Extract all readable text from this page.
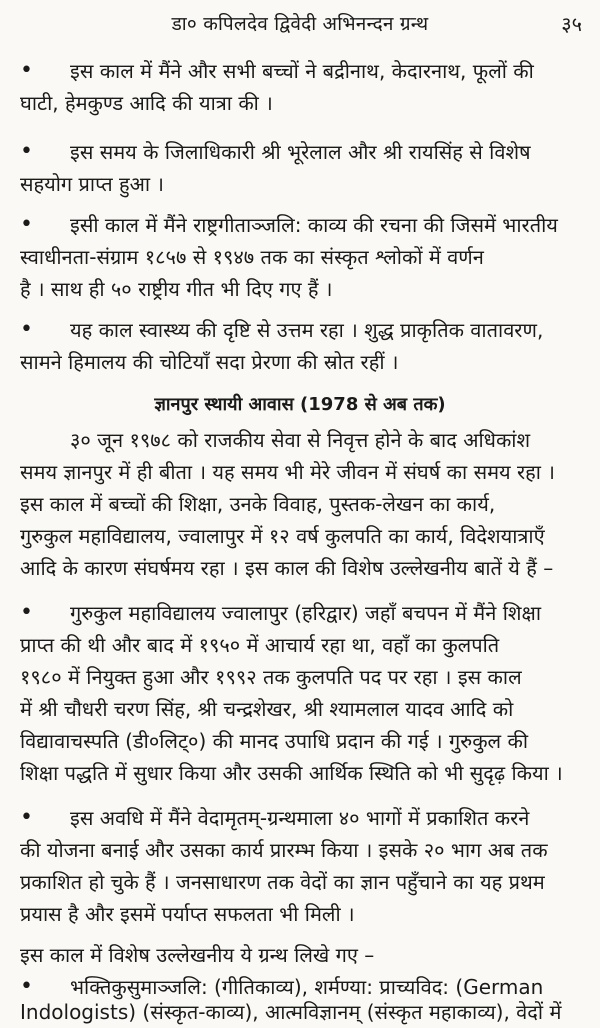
डा० कपिलदेव द्विवेदी अभिनन्दन ग्रन्थ	३५
•	इस काल में मैंने और सभी बच्चों ने बद्रीनाथ, केदारनाथ, फूलों की
घाटी, हेमकुण्ड आदि की यात्रा की ।
•	इस समय के जिलाधिकारी श्री भूरेलाल और श्री रायसिंह से विशेष
सहयोग प्राप्त हुआ ।
•	इसी काल में मैंने राष्ट्रगीताञ्जलि: काव्य की रचना की जिसमें भारतीय
स्वाधीनता-संग्राम १८५७ से १९४७ तक का संस्कृत श्लोकों में वर्णन
है । साथ ही ५० राष्ट्रीय गीत भी दिए गए हैं ।
•	यह काल स्वास्थ्य की दृष्टि से उत्तम रहा । शुद्ध प्राकृतिक वातावरण,
सामने हिमालय की चोटियाँ सदा प्रेरणा की स्रोत रहीं ।
ज्ञानपुर स्थायी आवास (1978 से अब तक)
३० जून १९७८ को राजकीय सेवा से निवृत्त होने के बाद अधिकांश
समय ज्ञानपुर में ही बीता । यह समय भी मेरे जीवन में संघर्ष का समय रहा ।
इस काल में बच्चों की शिक्षा, उनके विवाह, पुस्तक-लेखन का कार्य,
गुरुकुल महाविद्यालय, ज्वालापुर में १२ वर्ष कुलपति का कार्य, विदेशयात्राएँ
आदि के कारण संघर्षमय रहा । इस काल की विशेष उल्लेखनीय बातें ये हैं –
•	गुरुकुल महाविद्यालय ज्वालापुर (हरिद्वार) जहाँ बचपन में मैंने शिक्षा
प्राप्त की थी और बाद में १९५० में आचार्य रहा था, वहाँ का कुलपति
१९८० में नियुक्त हुआ और १९९२ तक कुलपति पद पर रहा । इस काल
में श्री चौधरी चरण सिंह, श्री चन्द्रशेखर, श्री श्यामलाल यादव आदि को
विद्यावाचस्पति (डी०लिट्०) की मानद उपाधि प्रदान की गई । गुरुकुल की
शिक्षा पद्धति में सुधार किया और उसकी आर्थिक स्थिति को भी सुदृढ़ किया ।
•	इस अवधि में मैंने वेदामृतम्-ग्रन्थमाला ४० भागों में प्रकाशित करने
की योजना बनाई और उसका कार्य प्रारम्भ किया । इसके २० भाग अब तक
प्रकाशित हो चुके हैं । जनसाधारण तक वेदों का ज्ञान पहुँचाने का यह प्रथम
प्रयास है और इसमें पर्याप्त सफलता भी मिली ।
इस काल में विशेष उल्लेखनीय ये ग्रन्थ लिखे गए –
•	भक्तिकुसुमाञ्जलि: (गीतिकाव्य), शर्मण्या: प्राच्यविद: (German
Indologists) (संस्कृत-काव्य), आत्मविज्ञानम् (संस्कृत महाकाव्य), वेदों में
